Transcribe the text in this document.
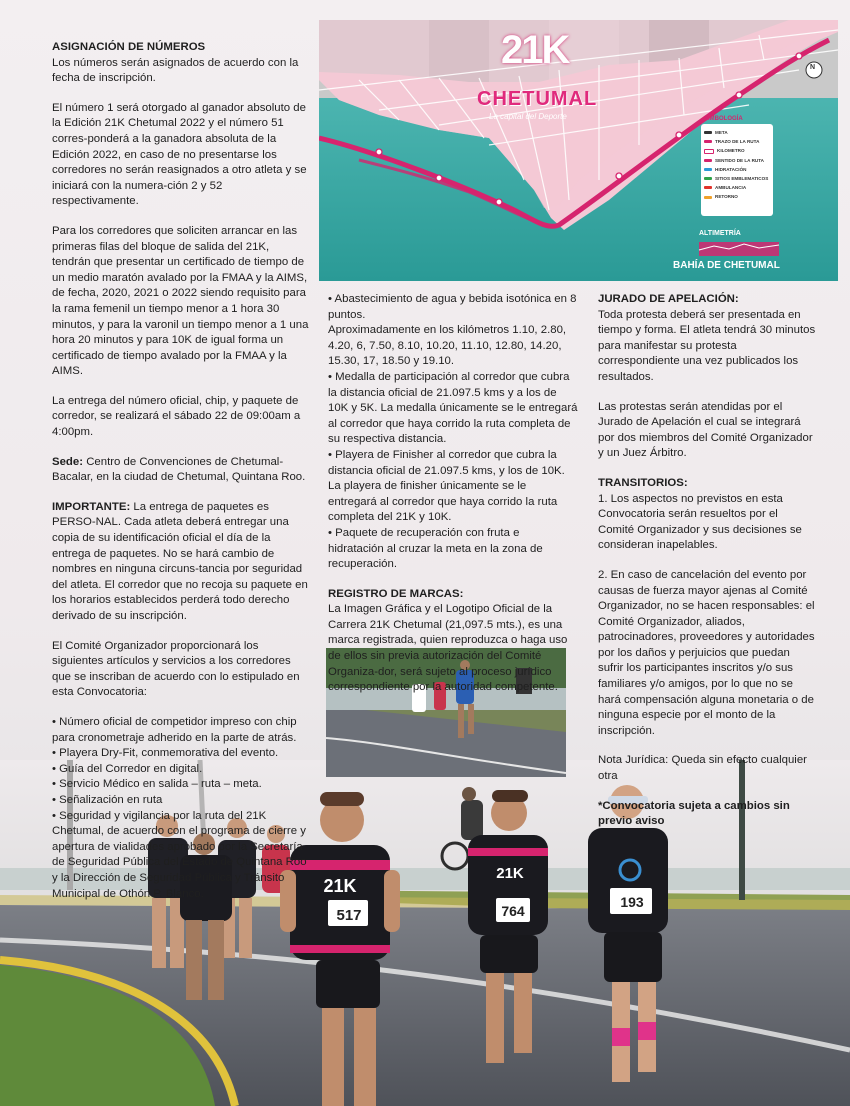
21K
21K
517	764
193
21K
CHETUMAL
La capital del Deporte	SIMBOLOGÍA
META
TRAZO DE LA RUTA
KILOMETRO
SENTIDO DE LA RUTA
HIDRATACIÓN
SITIOS EMBLEMATICOS
AMBULANCIA
RETORNO
ALTIMETRÍA
BAHÍA DE CHETUMAL
N

ASIGNACIÓN DE NÚMEROS

Los números serán asignados de acuerdo con la fecha de inscripción.

El número 1 será otorgado al ganador absoluto de la Edición 21K Chetumal 2022 y el número 51 corres-ponderá a la ganadora absoluta de la Edición 2022, en caso de no presentarse los corredores no serán reasignados a otro atleta y se iniciará con la numera-ción 2 y 52 respectivamente.

Para los corredores que soliciten arrancar en las primeras filas del bloque de salida del 21K, tendrán que presentar un certificado de tiempo de un medio maratón avalado por la FMAA y la AIMS, de fecha, 2020, 2021 o 2022 siendo requisito para la rama femenil un tiempo menor a 1 hora 30 minutos, y para la varonil un tiempo menor a 1 una hora 20 minutos y para 10K de igual forma un certificado de tiempo avalado por la FMAA y la AIMS.

La entrega del número oficial, chip, y paquete de corredor, se realizará el sábado 22 de 09:00am a 4:00pm.

Sede: Centro de Convenciones de Chetumal-Bacalar, en la ciudad de Chetumal, Quintana Roo.

IMPORTANTE: La entrega de paquetes es PERSO-NAL. Cada atleta deberá entregar una copia de su identificación oficial el día de la entrega de paquetes. No se hará cambio de nombres en ninguna circuns-tancia por seguridad del atleta. El corredor que no recoja su paquete en los horarios establecidos perderá todo derecho derivado de su inscripción.

El Comité Organizador proporcionará los siguientes artículos y servicios a los corredores que se inscriban de acuerdo con lo estipulado en esta Convocatoria:

• Número oficial de competidor impreso con chip para cronometraje adherido en la parte de atrás.

• Playera Dry-Fit, conmemorativa del evento.

• Guía del Corredor en digital.

• Servicio Médico en salida – ruta – meta.

• Señalización en ruta

• Seguridad y vigilancia por la ruta del 21K Chetumal, de acuerdo con el programa de cierre y apertura de vialidades aprobado por la Secretaría de Seguridad Pública del Estado de Quintana Roo y la Dirección de Seguridad Pública y Tránsito Municipal de Othón P. Blanco.

• Abastecimiento de agua y bebida isotónica en 8 puntos.

Aproximadamente en los kilómetros 1.10, 2.80, 4.20, 6, 7.50, 8.10, 10.20, 11.10, 12.80, 14.20, 15.30, 17, 18.50 y 19.10.

• Medalla de participación al corredor que cubra la distancia oficial de 21.097.5 kms y a los de 10K y 5K. La medalla únicamente se le entregará al corredor que haya corrido la ruta completa de su respectiva distancia.

• Playera de Finisher al corredor que cubra la distancia oficial de 21.097.5 kms, y los de 10K. La playera de finisher únicamente se le entregará al corredor que haya corrido la ruta completa del 21K y 10K.

• Paquete de recuperación con fruta e hidratación al cruzar la meta en la zona de recuperación.

REGISTRO DE MARCAS:

La Imagen Gráfica y el Logotipo Oficial de la Carrera 21K Chetumal (21,097.5 mts.), es una marca registrada, quien reproduzca o haga uso de ellos sin previa autorización del Comité Organiza-dor, será sujeto al proceso jurídico correspondiente por la autoridad competente.

JURADO DE APELACIÓN:

Toda protesta deberá ser presentada en tiempo y forma. El atleta tendrá 30 minutos para manifestar su protesta correspondiente una vez publicados los resultados.

Las protestas serán atendidas por el Jurado de Apelación el cual se integrará por dos miembros del Comité Organizador y un Juez Árbitro.

TRANSITORIOS:

1. Los aspectos no previstos en esta Convocatoria serán resueltos por el Comité Organizador y sus decisiones se consideran inapelables.

2. En caso de cancelación del evento por causas de fuerza mayor ajenas al Comité Organizador, no se hacen responsables: el Comité Organizador, aliados, patrocinadores, proveedores y autoridades por los daños y perjuicios que puedan sufrir los participantes inscritos y/o sus familiares y/o amigos, por lo que no se hará compensación alguna monetaria o de ninguna especie por el monto de la inscripción.

Nota Jurídica: Queda sin efecto cualquier otra

*Convocatoria sujeta a cambios sin previo aviso
